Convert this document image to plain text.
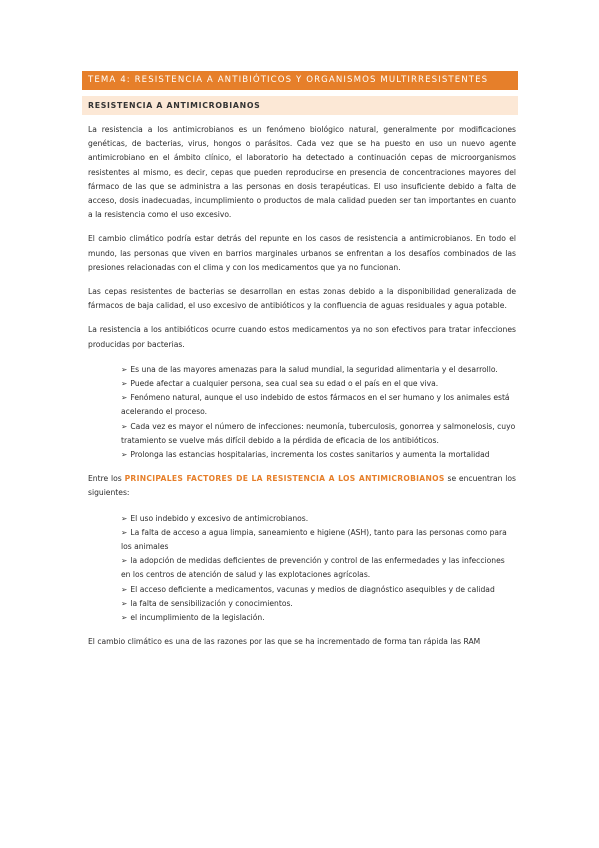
TEMA 4: RESISTENCIA A ANTIBIÓTICOS Y ORGANISMOS MULTIRRESISTENTES
RESISTENCIA A ANTIMICROBIANOS

La resistencia a los antimicrobianos es un fenómeno biológico natural, generalmente por modificaciones genéticas, de bacterias, virus, hongos o parásitos. Cada vez que se ha puesto en uso un nuevo agente antimicrobiano en el ámbito clínico, el laboratorio ha detectado a continuación cepas de microorganismos resistentes al mismo, es decir, cepas que pueden reproducirse en presencia de concentraciones mayores del fármaco de las que se administra a las personas en dosis terapéuticas. El uso insuficiente debido a falta de acceso, dosis inadecuadas, incumplimiento o productos de mala calidad pueden ser tan importantes en cuanto a la resistencia como el uso excesivo.

El cambio climático podría estar detrás del repunte en los casos de resistencia a antimicrobianos. En todo el mundo, las personas que viven en barrios marginales urbanos se enfrentan a los desafíos combinados de las presiones relacionadas con el clima y con los medicamentos que ya no funcionan.

Las cepas resistentes de bacterias se desarrollan en estas zonas debido a la disponibilidad generalizada de fármacos de baja calidad, el uso excesivo de antibióticos y la confluencia de aguas residuales y agua potable.

La resistencia a los antibióticos ocurre cuando estos medicamentos ya no son efectivos para tratar infecciones producidas por bacterias.

➢ Es una de las mayores amenazas para la salud mundial, la seguridad alimentaria y el desarrollo.
➢ Puede afectar a cualquier persona, sea cual sea su edad o el país en el que viva.
➢ Fenómeno natural, aunque el uso indebido de estos fármacos en el ser humano y los animales está acelerando el proceso.
➢ Cada vez es mayor el número de infecciones: neumonía, tuberculosis, gonorrea y salmonelosis, cuyo tratamiento se vuelve más difícil debido a la pérdida de eficacia de los antibióticos.
➢ Prolonga las estancias hospitalarias, incrementa los costes sanitarios y aumenta la mortalidad

Entre los PRINCIPALES FACTORES DE LA RESISTENCIA A LOS ANTIMICROBIANOS se encuentran los siguientes:

➢ El uso indebido y excesivo de antimicrobianos.
➢ La falta de acceso a agua limpia, saneamiento e higiene (ASH), tanto para las personas como para los animales
➢ la adopción de medidas deficientes de prevención y control de las enfermedades y las infecciones en los centros de atención de salud y las explotaciones agrícolas.
➢ El acceso deficiente a medicamentos, vacunas y medios de diagnóstico asequibles y de calidad
➢ la falta de sensibilización y conocimientos.
➢ el incumplimiento de la legislación.

El cambio climático es una de las razones por las que se ha incrementado de forma tan rápida las RAM
